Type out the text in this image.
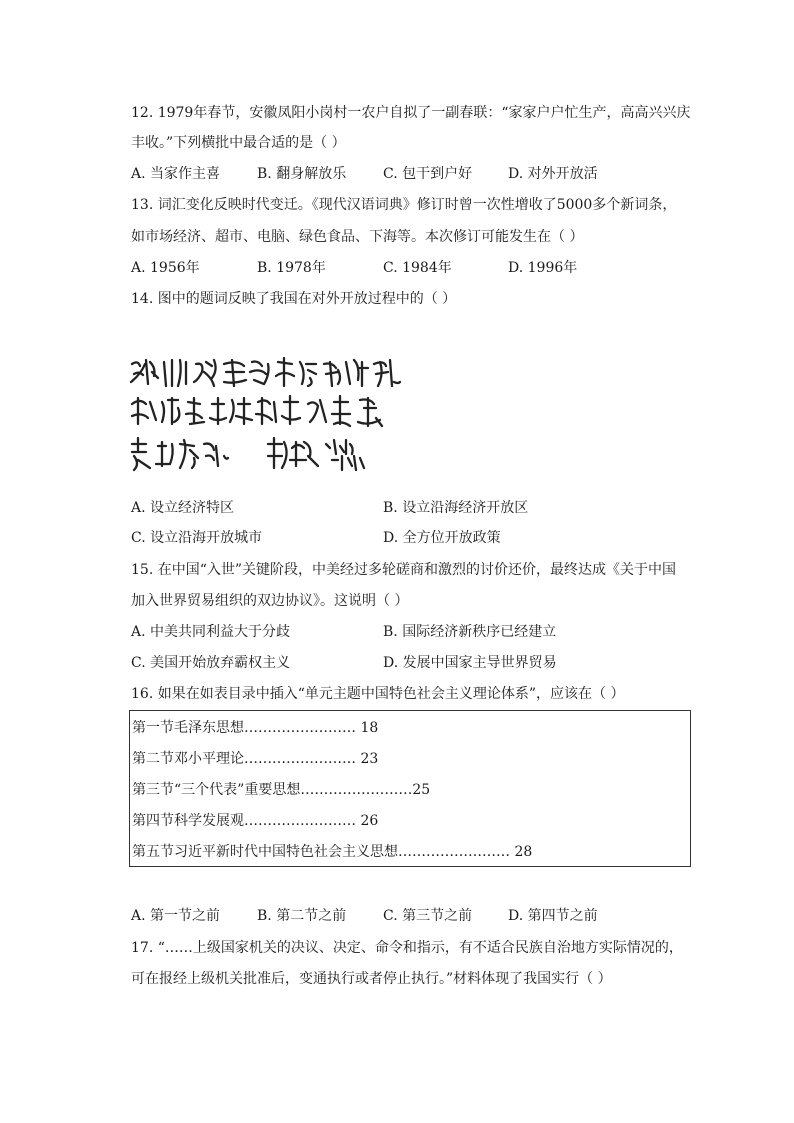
12. 1979年春节，安徽凤阳小岗村一农户自拟了一副春联：“家家户户忙生产，高高兴兴庆
丰收。”下列横批中最合适的是（ ）
A. 当家作主喜	B. 翻身解放乐	C. 包干到户好	D. 对外开放活
13. 词汇变化反映时代变迁。《现代汉语词典》修订时曾一次性增收了5000多个新词条，
如市场经济、超市、电脑、绿色食品、下海等。本次修订可能发生在（ ）
A. 1956年	B. 1978年	C. 1984年	D. 1996年
14. 图中的题词反映了我国在对外开放过程中的（ ）
A. 设立经济特区	B. 设立沿海经济开放区
C. 设立沿海开放城市	D. 全方位开放政策
15. 在中国“入世”关键阶段，中美经过多轮磋商和激烈的讨价还价，最终达成《关于中国
加入世界贸易组织的双边协议》。这说明（ ）
A. 中美共同利益大于分歧	B. 国际经济新秩序已经建立
C. 美国开始放弃霸权主义	D. 发展中国家主导世界贸易
16. 如果在如表目录中插入“单元主题中国特色社会主义理论体系”，应该在（ ）
第一节毛泽东思想…………………… 18
第二节邓小平理论…………………… 23
第三节“三个代表”重要思想……………………25
第四节科学发展观…………………… 26
第五节习近平新时代中国特色社会主义思想…………………… 28
A. 第一节之前	B. 第二节之前	C. 第三节之前	D. 第四节之前
17. “……上级国家机关的决议、决定、命令和指示，有不适合民族自治地方实际情况的，
可在报经上级机关批准后，变通执行或者停止执行。”材料体现了我国实行（ ）
